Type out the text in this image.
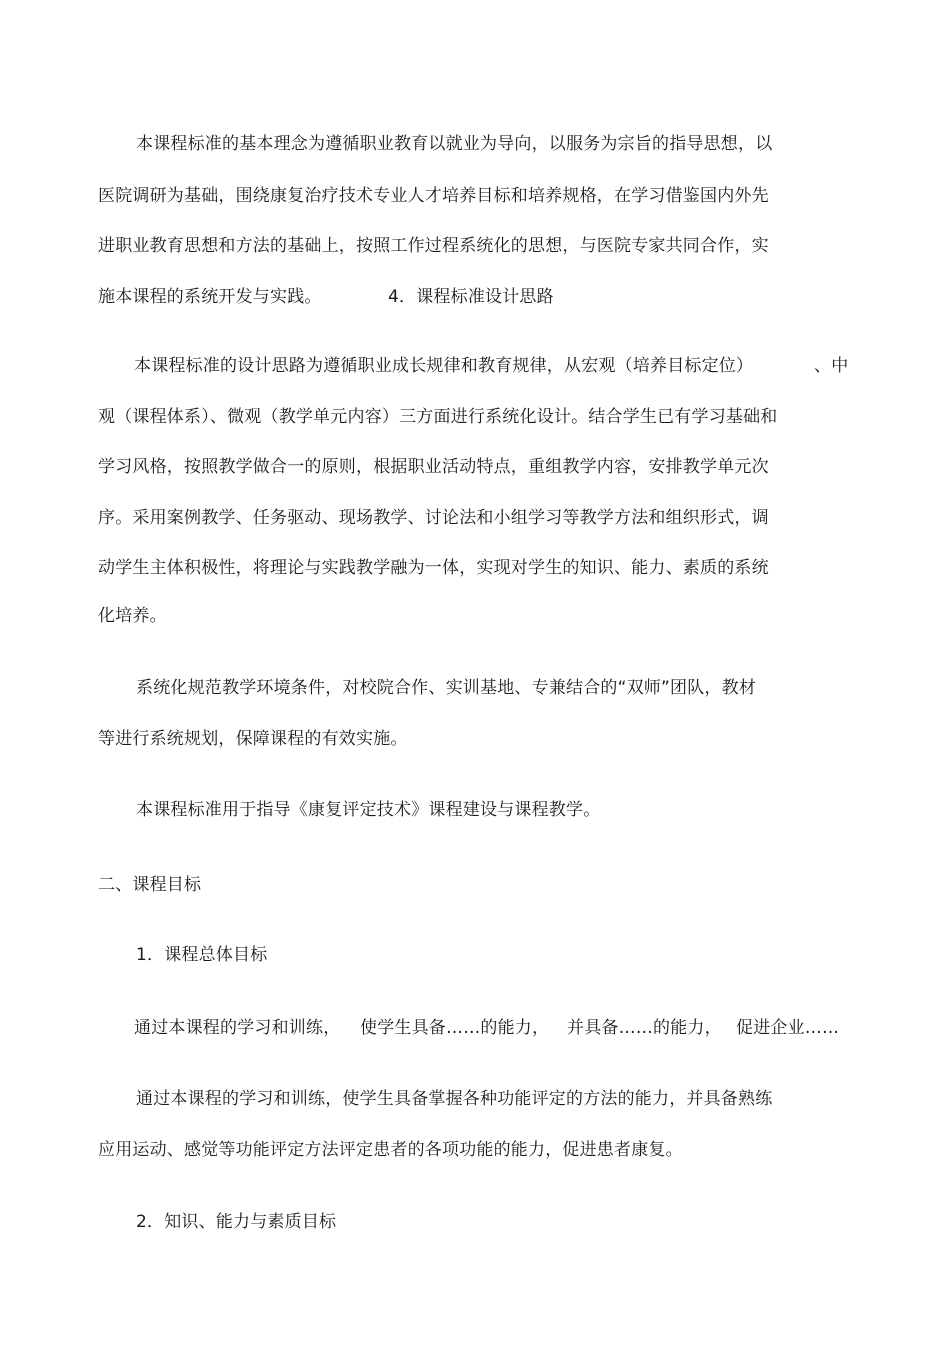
本课程标准的基本理念为遵循职业教育以就业为导向，以服务为宗旨的指导思想，以
医院调研为基础，围绕康复治疗技术专业人才培养目标和培养规格，在学习借鉴国内外先
进职业教育思想和方法的基础上，按照工作过程系统化的思想，与医院专家共同合作，实
施本课程的系统开发与实践。	4．课程标准设计思路
本课程标准的设计思路为遵循职业成长规律和教育规律，从宏观（培养目标定位）	、中
观（课程体系）、微观（教学单元内容）三方面进行系统化设计。结合学生已有学习基础和
学习风格，按照教学做合一的原则，根据职业活动特点，重组教学内容，安排教学单元次
序。采用案例教学、任务驱动、现场教学、讨论法和小组学习等教学方法和组织形式，调
动学生主体积极性，将理论与实践教学融为一体，实现对学生的知识、能力、素质的系统
化培养。
系统化规范教学环境条件，对校院合作、实训基地、专兼结合的“双师”团队，教材
等进行系统规划，保障课程的有效实施。
本课程标准用于指导《康复评定技术》课程建设与课程教学。
二、课程目标
1．课程总体目标
通过本课程的学习和训练， 使学生具备……的能力， 并具备……的能力， 促进企业……
通过本课程的学习和训练，使学生具备掌握各种功能评定的方法的能力，并具备熟练
应用运动、感觉等功能评定方法评定患者的各项功能的能力，促进患者康复。
2．知识、能力与素质目标
